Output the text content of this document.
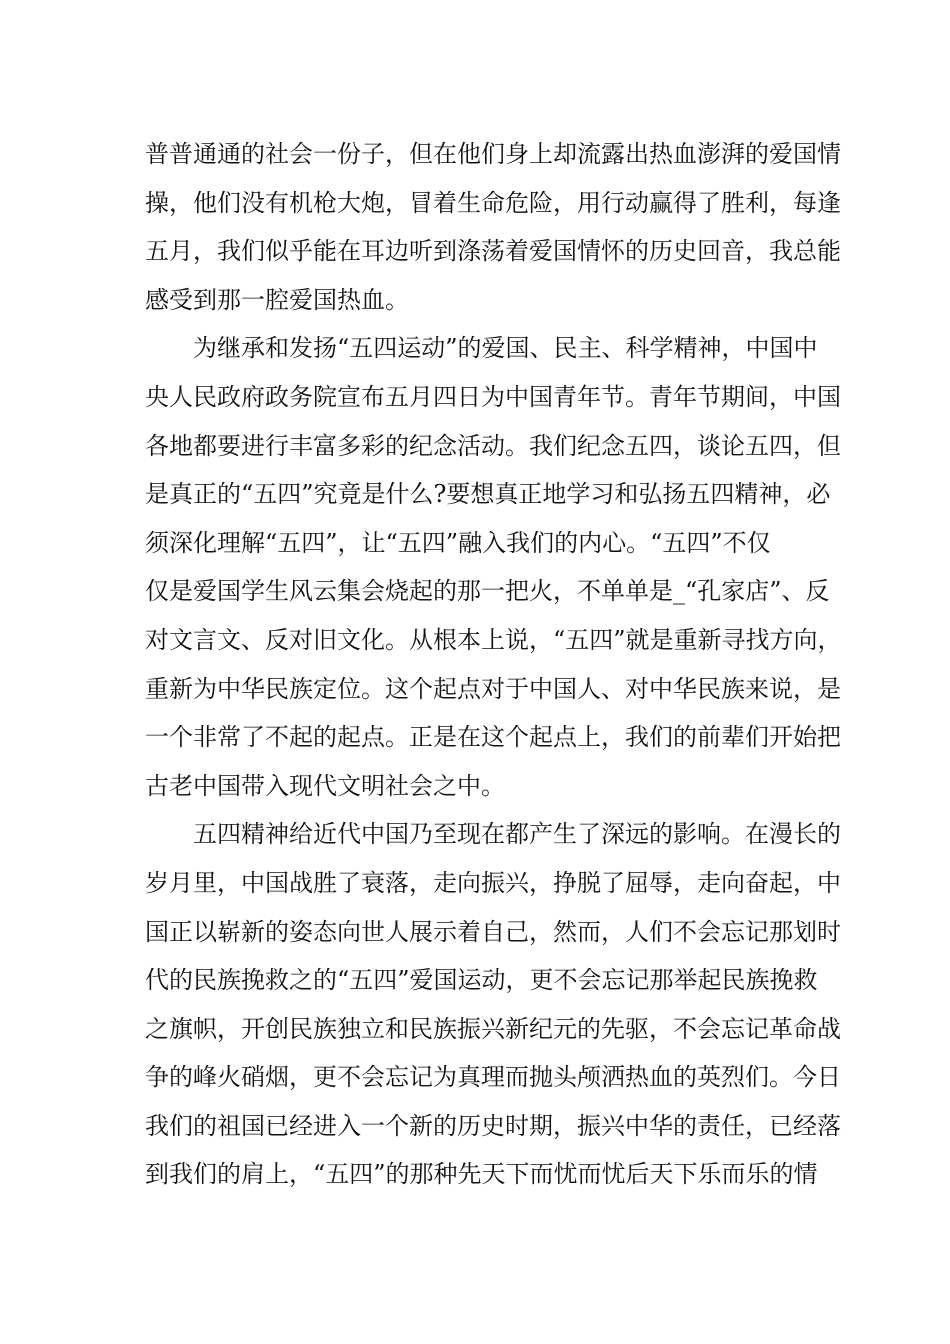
普普通通的社会一份子，但在他们身上却流露出热血澎湃的爱国情
操，他们没有机枪大炮，冒着生命危险，用行动赢得了胜利，每逢
五月，我们似乎能在耳边听到涤荡着爱国情怀的历史回音，我总能
感受到那一腔爱国热血。
为继承和发扬“五四运动”的爱国、民主、科学精神，中国中
央人民政府政务院宣布五月四日为中国青年节。青年节期间，中国
各地都要进行丰富多彩的纪念活动。我们纪念五四，谈论五四，但
是真正的“五四”究竟是什么?要想真正地学习和弘扬五四精神，必
须深化理解“五四”，让“五四”融入我们的内心。“五四”不仅
仅是爱国学生风云集会烧起的那一把火，不单单是_“孔家店”、反
对文言文、反对旧文化。从根本上说，“五四”就是重新寻找方向，
重新为中华民族定位。这个起点对于中国人、对中华民族来说，是
一个非常了不起的起点。正是在这个起点上，我们的前辈们开始把
古老中国带入现代文明社会之中。
五四精神给近代中国乃至现在都产生了深远的影响。在漫长的
岁月里，中国战胜了衰落，走向振兴，挣脱了屈辱，走向奋起，中
国正以崭新的姿态向世人展示着自己，然而，人们不会忘记那划时
代的民族挽救之的“五四”爱国运动，更不会忘记那举起民族挽救
之旗帜，开创民族独立和民族振兴新纪元的先驱，不会忘记革命战
争的峰火硝烟，更不会忘记为真理而抛头颅洒热血的英烈们。今日
我们的祖国已经进入一个新的历史时期，振兴中华的责任，已经落
到我们的肩上，“五四”的那种先天下而忧而忧后天下乐而乐的情
